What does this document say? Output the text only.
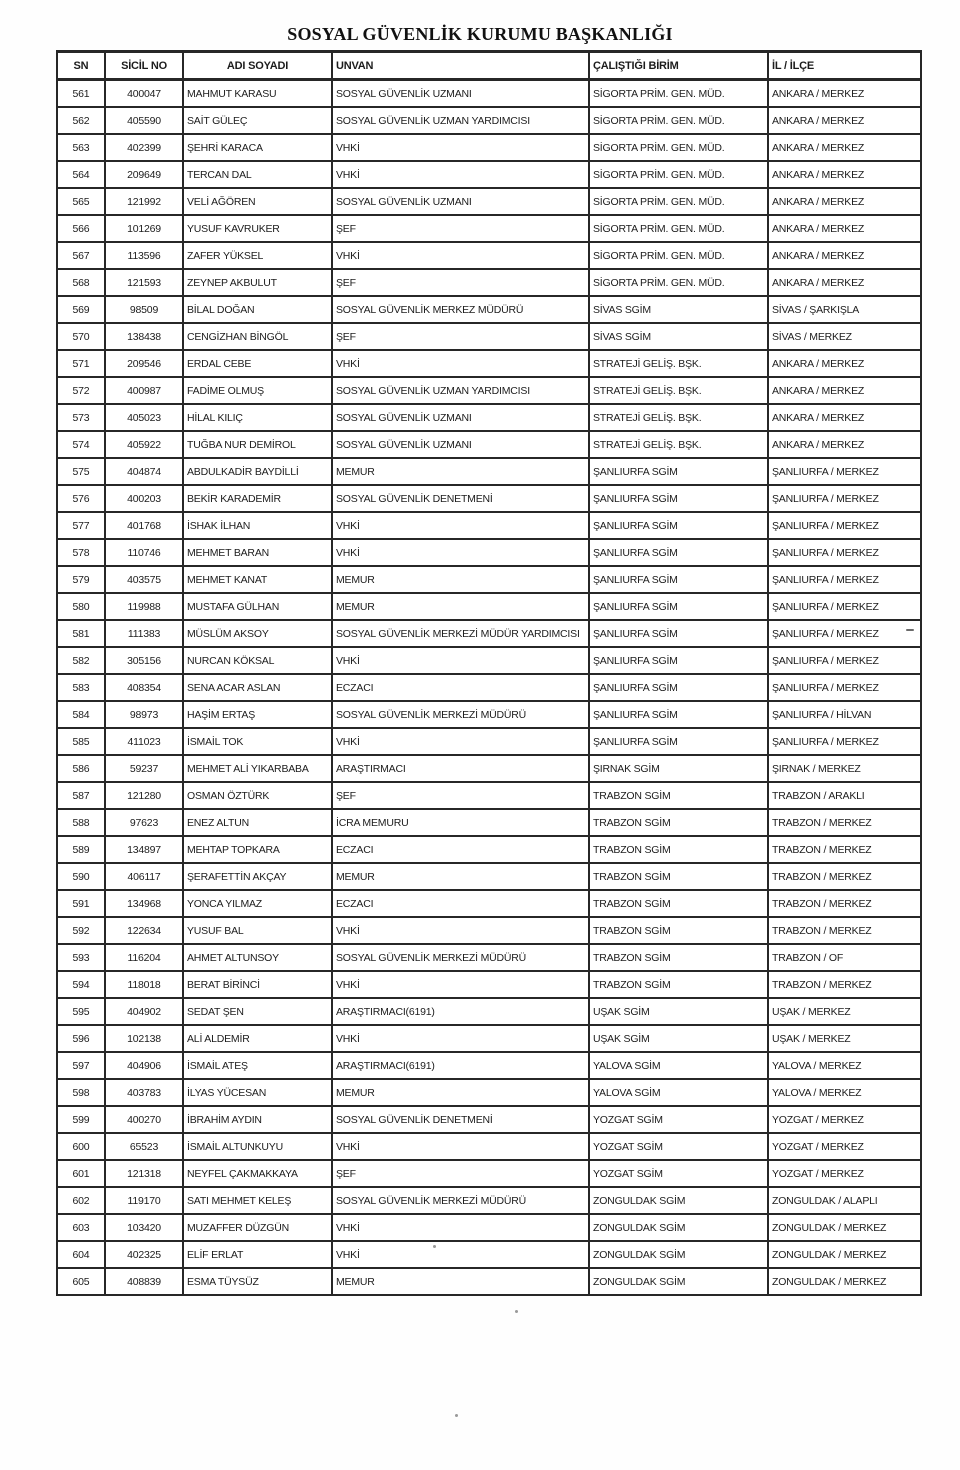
SOSYAL GÜVENLİK KURUMU BAŞKANLIĞI
SN	SİCİL NO	ADI SOYADI	UNVAN	ÇALIŞTIĞI BİRİM	İL / İLÇE
561	400047	MAHMUT KARASU	SOSYAL GÜVENLİK UZMANI	SİGORTA PRİM. GEN. MÜD.	ANKARA / MERKEZ
562	405590	SAİT GÜLEÇ	SOSYAL GÜVENLİK UZMAN YARDIMCISI	SİGORTA PRİM. GEN. MÜD.	ANKARA / MERKEZ
563	402399	ŞEHRİ KARACA	VHKİ	SİGORTA PRİM. GEN. MÜD.	ANKARA / MERKEZ
564	209649	TERCAN DAL	VHKİ	SİGORTA PRİM. GEN. MÜD.	ANKARA / MERKEZ
565	121992	VELİ AĞÖREN	SOSYAL GÜVENLİK UZMANI	SİGORTA PRİM. GEN. MÜD.	ANKARA / MERKEZ
566	101269	YUSUF KAVRUKER	ŞEF	SİGORTA PRİM. GEN. MÜD.	ANKARA / MERKEZ
567	113596	ZAFER YÜKSEL	VHKİ	SİGORTA PRİM. GEN. MÜD.	ANKARA / MERKEZ
568	121593	ZEYNEP AKBULUT	ŞEF	SİGORTA PRİM. GEN. MÜD.	ANKARA / MERKEZ
569	98509	BİLAL DOĞAN	SOSYAL GÜVENLİK MERKEZ MÜDÜRÜ	SİVAS SGİM	SİVAS / ŞARKIŞLA
570	138438	CENGİZHAN BİNGÖL	ŞEF	SİVAS SGİM	SİVAS / MERKEZ
571	209546	ERDAL CEBE	VHKİ	STRATEJİ GELİŞ. BŞK.	ANKARA / MERKEZ
572	400987	FADİME OLMUŞ	SOSYAL GÜVENLİK UZMAN YARDIMCISI	STRATEJİ GELİŞ. BŞK.	ANKARA / MERKEZ
573	405023	HİLAL KILIÇ	SOSYAL GÜVENLİK UZMANI	STRATEJİ GELİŞ. BŞK.	ANKARA / MERKEZ
574	405922	TUĞBA NUR DEMİROL	SOSYAL GÜVENLİK UZMANI	STRATEJİ GELİŞ. BŞK.	ANKARA / MERKEZ
575	404874	ABDULKADİR BAYDİLLİ	MEMUR	ŞANLIURFA SGİM	ŞANLIURFA / MERKEZ
576	400203	BEKİR KARADEMİR	SOSYAL GÜVENLİK DENETMENİ	ŞANLIURFA SGİM	ŞANLIURFA / MERKEZ
577	401768	İSHAK İLHAN	VHKİ	ŞANLIURFA SGİM	ŞANLIURFA / MERKEZ
578	110746	MEHMET BARAN	VHKİ	ŞANLIURFA SGİM	ŞANLIURFA / MERKEZ
579	403575	MEHMET KANAT	MEMUR	ŞANLIURFA SGİM	ŞANLIURFA / MERKEZ
580	119988	MUSTAFA GÜLHAN	MEMUR	ŞANLIURFA SGİM	ŞANLIURFA / MERKEZ
581	111383	MÜSLÜM AKSOY	SOSYAL GÜVENLİK MERKEZİ MÜDÜR YARDIMCISI	ŞANLIURFA SGİM	ŞANLIURFA / MERKEZ
582	305156	NURCAN KÖKSAL	VHKİ	ŞANLIURFA SGİM	ŞANLIURFA / MERKEZ
583	408354	SENA ACAR ASLAN	ECZACI	ŞANLIURFA SGİM	ŞANLIURFA / MERKEZ
584	98973	HAŞİM ERTAŞ	SOSYAL GÜVENLİK MERKEZİ MÜDÜRÜ	ŞANLIURFA SGİM	ŞANLIURFA / HİLVAN
585	411023	İSMAİL TOK	VHKİ	ŞANLIURFA SGİM	ŞANLIURFA / MERKEZ
586	59237	MEHMET ALİ YIKARBABA	ARAŞTIRMACI	ŞIRNAK SGİM	ŞIRNAK / MERKEZ
587	121280	OSMAN ÖZTÜRK	ŞEF	TRABZON SGİM	TRABZON / ARAKLI
588	97623	ENEZ ALTUN	İCRA MEMURU	TRABZON SGİM	TRABZON / MERKEZ
589	134897	MEHTAP TOPKARA	ECZACI	TRABZON SGİM	TRABZON / MERKEZ
590	406117	ŞERAFETTİN AKÇAY	MEMUR	TRABZON SGİM	TRABZON / MERKEZ
591	134968	YONCA YILMAZ	ECZACI	TRABZON SGİM	TRABZON / MERKEZ
592	122634	YUSUF BAL	VHKİ	TRABZON SGİM	TRABZON / MERKEZ
593	116204	AHMET ALTUNSOY	SOSYAL GÜVENLİK MERKEZİ MÜDÜRÜ	TRABZON SGİM	TRABZON / OF
594	118018	BERAT BİRİNCİ	VHKİ	TRABZON SGİM	TRABZON / MERKEZ
595	404902	SEDAT ŞEN	ARAŞTIRMACI(6191)	UŞAK SGİM	UŞAK / MERKEZ
596	102138	ALİ ALDEMİR	VHKİ	UŞAK SGİM	UŞAK / MERKEZ
597	404906	İSMAİL ATEŞ	ARAŞTIRMACI(6191)	YALOVA SGİM	YALOVA / MERKEZ
598	403783	İLYAS YÜCESAN	MEMUR	YALOVA SGİM	YALOVA / MERKEZ
599	400270	İBRAHİM AYDIN	SOSYAL GÜVENLİK DENETMENİ	YOZGAT SGİM	YOZGAT / MERKEZ
600	65523	İSMAİL ALTUNKUYU	VHKİ	YOZGAT SGİM	YOZGAT / MERKEZ
601	121318	NEYFEL ÇAKMAKKAYA	ŞEF	YOZGAT SGİM	YOZGAT / MERKEZ
602	119170	SATI MEHMET KELEŞ	SOSYAL GÜVENLİK MERKEZİ MÜDÜRÜ	ZONGULDAK SGİM	ZONGULDAK / ALAPLI
603	103420	MUZAFFER DÜZGÜN	VHKİ	ZONGULDAK SGİM	ZONGULDAK / MERKEZ
604	402325	ELİF ERLAT	VHKİ	ZONGULDAK SGİM	ZONGULDAK / MERKEZ
605	408839	ESMA TÜYSÜZ	MEMUR	ZONGULDAK SGİM	ZONGULDAK / MERKEZ
